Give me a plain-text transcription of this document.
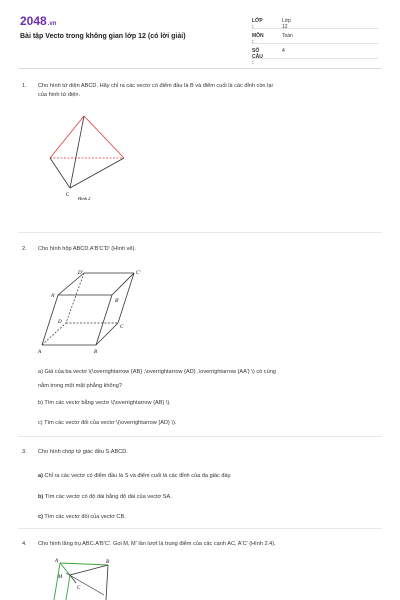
2048.vn
Bài tập Vecto trong không gian lớp 12 (có lời giải)
LỚP :
Lớp 12
MÔN :
Toán
SỐ CÂU :
4
1. Cho hình tứ diện ABCD. Hãy chỉ ra các vectơ có điểm đầu là B và điểm cuối là các đỉnh còn lại

của hình tứ diện.

C
Hình 2
2. Cho hình hộp ABCD.A'B'C'D' (Hình vẽ).

D'	C'
A'
B'
D
C
A	B

a) Giá của ba vectơ \(\overrightarrow {AB} ,\overrightarrow {AD} ,\overrightarrow {AA'} \) có cùng

nằm trong một mặt phẳng không?

b) Tìm các vectơ bằng vectơ \(\overrightarrow {AB} \).

c) Tìm các vectơ đối của vectơ \(\overrightarrow {AD} \).

3. Cho hình chóp tứ giác đều S.ABCD.

a) Chỉ ra các vectơ có điểm đầu là S và điểm cuối là các đỉnh của đa giác đáy.

b) Tìm các vectơ có độ dài bằng độ dài của vectơ SA.

c) Tìm các vectơ đối của vectơ CB.

4. Cho hình lăng trụ ABC.A'B'C'. Gọi M, M' lần lượt là trung điểm của các cạnh AC, A'C' (Hình 2.4).

A	B
M
C
